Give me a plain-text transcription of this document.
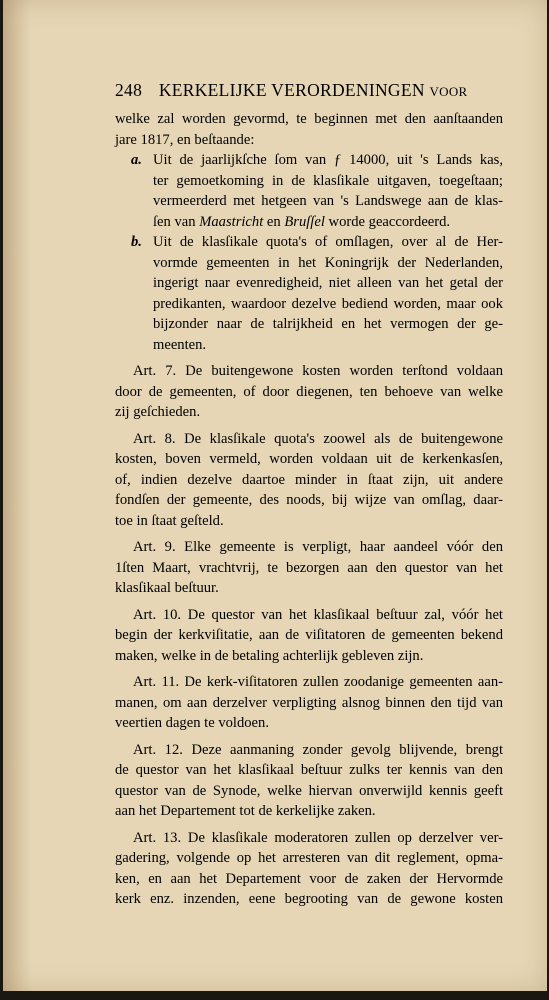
248 KERKELIJKE VERORDENINGEN VOOR
welke zal worden gevormd, te beginnen met den aanſtaanden
jare 1817, en beſtaande:
a. Uit de jaarlijkſche ſom van ƒ 14000, uit 's Lands kas,
ter gemoetkoming in de klasſikale uitgaven, toegeſtaan;
vermeerderd met hetgeen van 's Landswege aan de klas-
ſen van Maastricht en Bruſſel worde geaccordeerd.
b. Uit de klasſikale quota's of omſlagen, over al de Her-
vormde gemeenten in het Koningrijk der Nederlanden,
ingerigt naar evenredigheid, niet alleen van het getal der
predikanten, waardoor dezelve bediend worden, maar ook
bijzonder naar de talrijkheid en het vermogen der ge-
meenten.
Art. 7. De buitengewone kosten worden terſtond voldaan
door de gemeenten, of door diegenen, ten behoeve van welke
zij geſchieden.
Art. 8. De klasſikale quota's zoowel als de buitengewone
kosten, boven vermeld, worden voldaan uit de kerkenkasſen,
of, indien dezelve daartoe minder in ſtaat zijn, uit andere
fondſen der gemeente, des noods, bij wijze van omſlag, daar-
toe in ſtaat geſteld.
Art. 9. Elke gemeente is verpligt, haar aandeel vóór den
1ſten Maart, vrachtvrij, te bezorgen aan den questor van het
klasſikaal beſtuur.
Art. 10. De questor van het klasſikaal beſtuur zal, vóór het
begin der kerkviſitatie, aan de viſitatoren de gemeenten bekend
maken, welke in de betaling achterlijk gebleven zijn.
Art. 11. De kerk-viſitatoren zullen zoodanige gemeenten aan-
manen, om aan derzelver verpligting alsnog binnen den tijd van
veertien dagen te voldoen.
Art. 12. Deze aanmaning zonder gevolg blijvende, brengt
de questor van het klasſikaal beſtuur zulks ter kennis van den
questor van de Synode, welke hiervan onverwijld kennis geeft
aan het Departement tot de kerkelijke zaken.
Art. 13. De klasſikale moderatoren zullen op derzelver ver-
gadering, volgende op het arresteren van dit reglement, opma-
ken, en aan het Departement voor de zaken der Hervormde
kerk enz. inzenden, eene begrooting van de gewone kosten
